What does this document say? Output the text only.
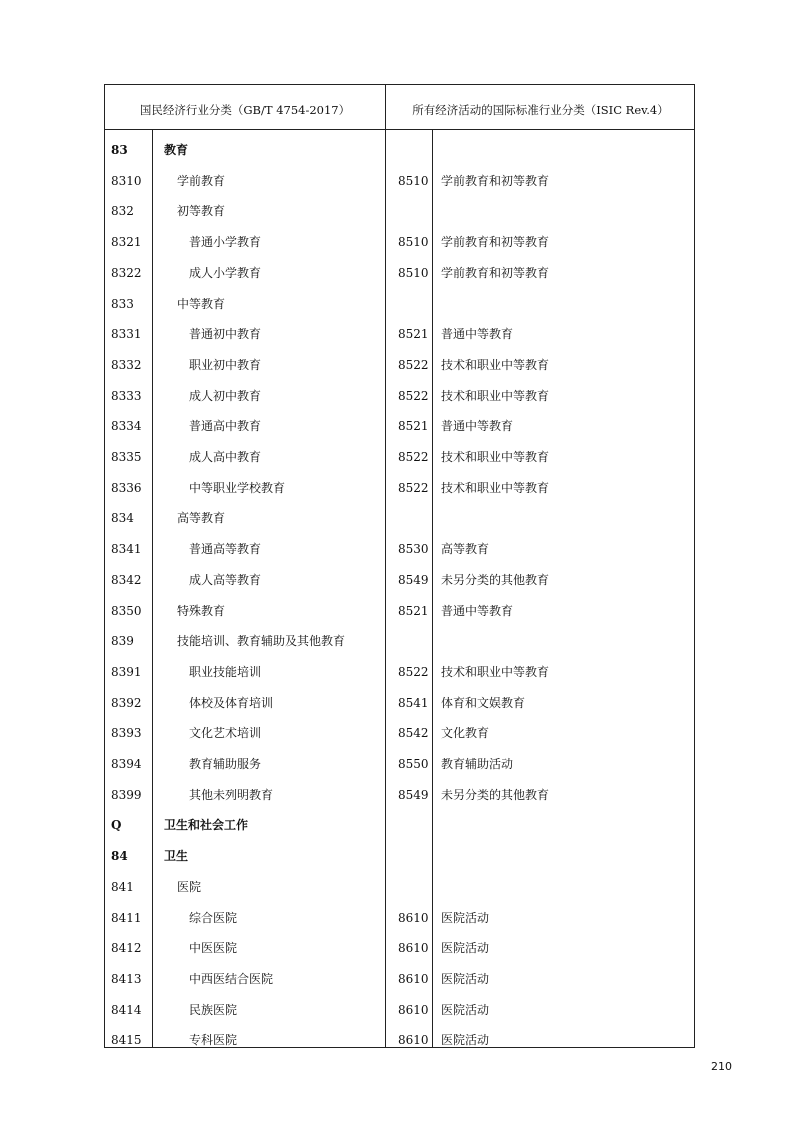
国民经济行业分类（GB/T 4754-2017）	所有经济活动的国际标准行业分类（ISIC Rev.4）
83	教育
8310	学前教育	8510 学前教育和初等教育
832	初等教育
8321	普通小学教育	8510 学前教育和初等教育
8322	成人小学教育	8510 学前教育和初等教育
833	中等教育
8331	普通初中教育	8521 普通中等教育
8332	职业初中教育	8522 技术和职业中等教育
8333	成人初中教育	8522 技术和职业中等教育
8334	普通高中教育	8521 普通中等教育
8335	成人高中教育	8522 技术和职业中等教育
8336	中等职业学校教育	8522 技术和职业中等教育
834	高等教育
8341	普通高等教育	8530 高等教育
8342	成人高等教育	8549 未另分类的其他教育
8350	特殊教育	8521 普通中等教育
839	技能培训、教育辅助及其他教育
8391	职业技能培训	8522 技术和职业中等教育
8392	体校及体育培训	8541 体育和文娱教育
8393	文化艺术培训	8542 文化教育
8394	教育辅助服务	8550 教育辅助活动
8399	其他未列明教育	8549 未另分类的其他教育
Q	卫生和社会工作
84	卫生
841	医院
8411	综合医院	8610 医院活动
8412	中医医院	8610 医院活动
8413	中西医结合医院	8610 医院活动
8414	民族医院	8610 医院活动
8415	专科医院	8610 医院活动
210
